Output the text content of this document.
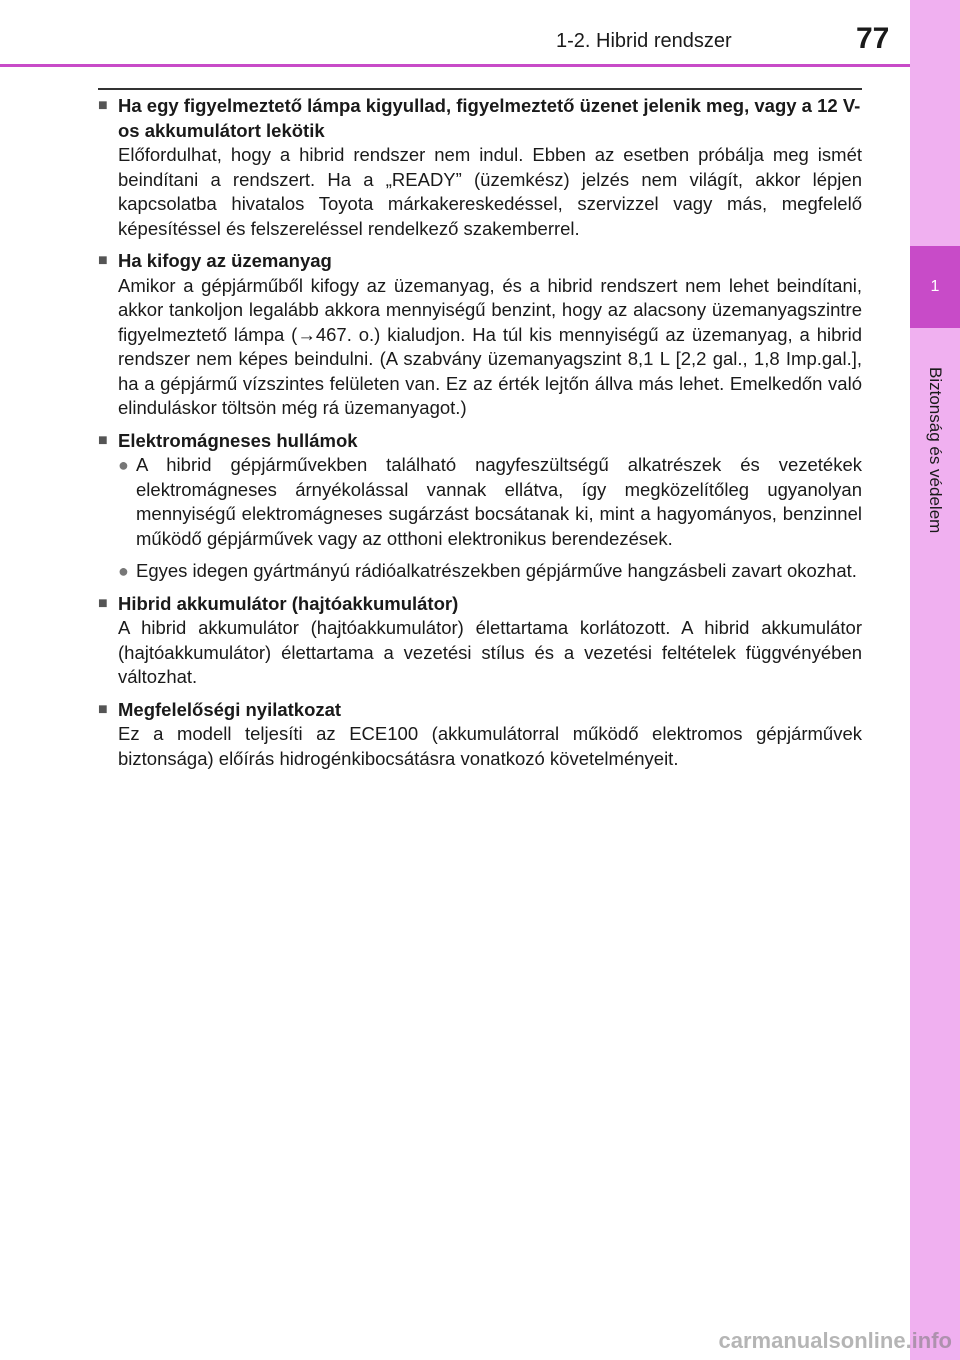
1-2. Hibrid rendszer	77
1
Biztonság és védelem
■ Ha egy figyelmeztető lámpa kigyullad, figyelmeztető üzenet jelenik meg, vagy a 12 V-os akkumulátort lekötik

Előfordulhat, hogy a hibrid rendszer nem indul. Ebben az esetben próbálja meg ismét beindítani a rendszert. Ha a „READY” (üzemkész) jelzés nem világít, akkor lépjen kapcsolatba hivatalos Toyota márkakereskedéssel, szervizzel vagy más, megfelelő képesítéssel és felszereléssel rendelkező szakemberrel.

■ Ha kifogy az üzemanyag

Amikor a gépjárműből kifogy az üzemanyag, és a hibrid rendszert nem lehet beindítani, akkor tankoljon legalább akkora mennyiségű benzint, hogy az alacsony üzemanyagszintre figyelmeztető lámpa (→467. o.) kialudjon. Ha túl kis mennyiségű az üzemanyag, a hibrid rendszer nem képes beindulni. (A szabvány üzemanyagszint 8,1 L [2,2 gal., 1,8 Imp.gal.], ha a gépjármű vízszintes felületen van. Ez az érték lejtőn állva más lehet. Emelkedőn való elinduláskor töltsön még rá üzemanyagot.)

■ Elektromágneses hullámok
● A hibrid gépjárművekben található nagyfeszültségű alkatrészek és vezetékek elektromágneses árnyékolással vannak ellátva, így megközelítőleg ugyanolyan mennyiségű elektromágneses sugárzást bocsátanak ki, mint a hagyományos, benzinnel működő gépjárművek vagy az otthoni elektronikus berendezések.
● Egyes idegen gyártmányú rádióalkatrészekben gépjárműve hangzásbeli zavart okozhat.
■ Hibrid akkumulátor (hajtóakkumulátor)

A hibrid akkumulátor (hajtóakkumulátor) élettartama korlátozott. A hibrid akkumulátor (hajtóakkumulátor) élettartama a vezetési stílus és a vezetési feltételek függvényében változhat.

■ Megfelelőségi nyilatkozat

Ez a modell teljesíti az ECE100 (akkumulátorral működő elektromos gépjárművek biztonsága) előírás hidrogénkibocsátásra vonatkozó követelményeit.

carmanualsonline.info
